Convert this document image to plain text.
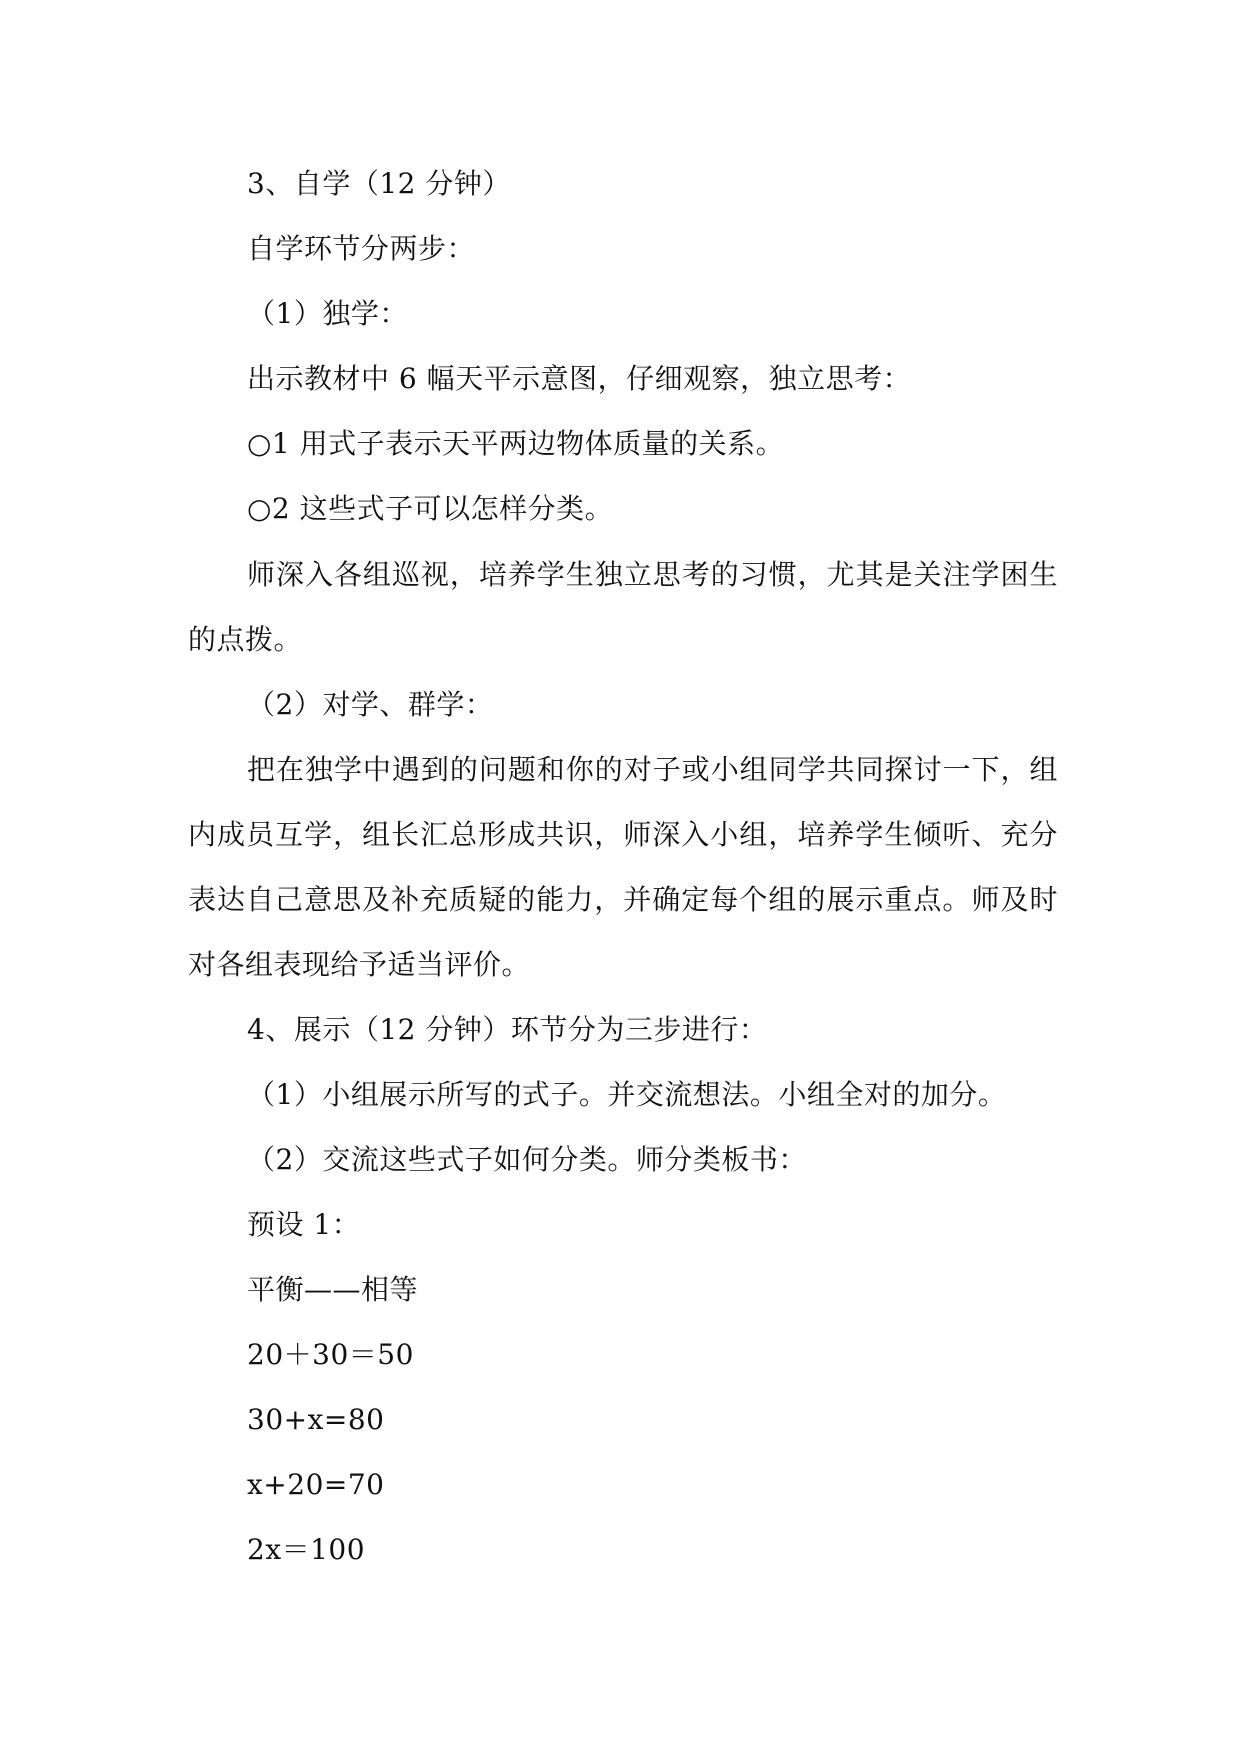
3、自学（12 分钟）
自学环节分两步：
（1）独学：
出示教材中 6 幅天平示意图，仔细观察，独立思考：
○1 用式子表示天平两边物体质量的关系。
○2 这些式子可以怎样分类。
师深入各组巡视，培养学生独立思考的习惯，尤其是关注学困生
的点拨。
（2）对学、群学：
把在独学中遇到的问题和你的对子或小组同学共同探讨一下，组
内成员互学，组长汇总形成共识，师深入小组，培养学生倾听、充分
表达自己意思及补充质疑的能力，并确定每个组的展示重点。师及时
对各组表现给予适当评价。
4、展示（12 分钟）环节分为三步进行：
（1）小组展示所写的式子。并交流想法。小组全对的加分。
（2）交流这些式子如何分类。师分类板书：
预设 1：
平衡——相等
20＋30＝50
30+x=80
x+20=70
2x＝100
